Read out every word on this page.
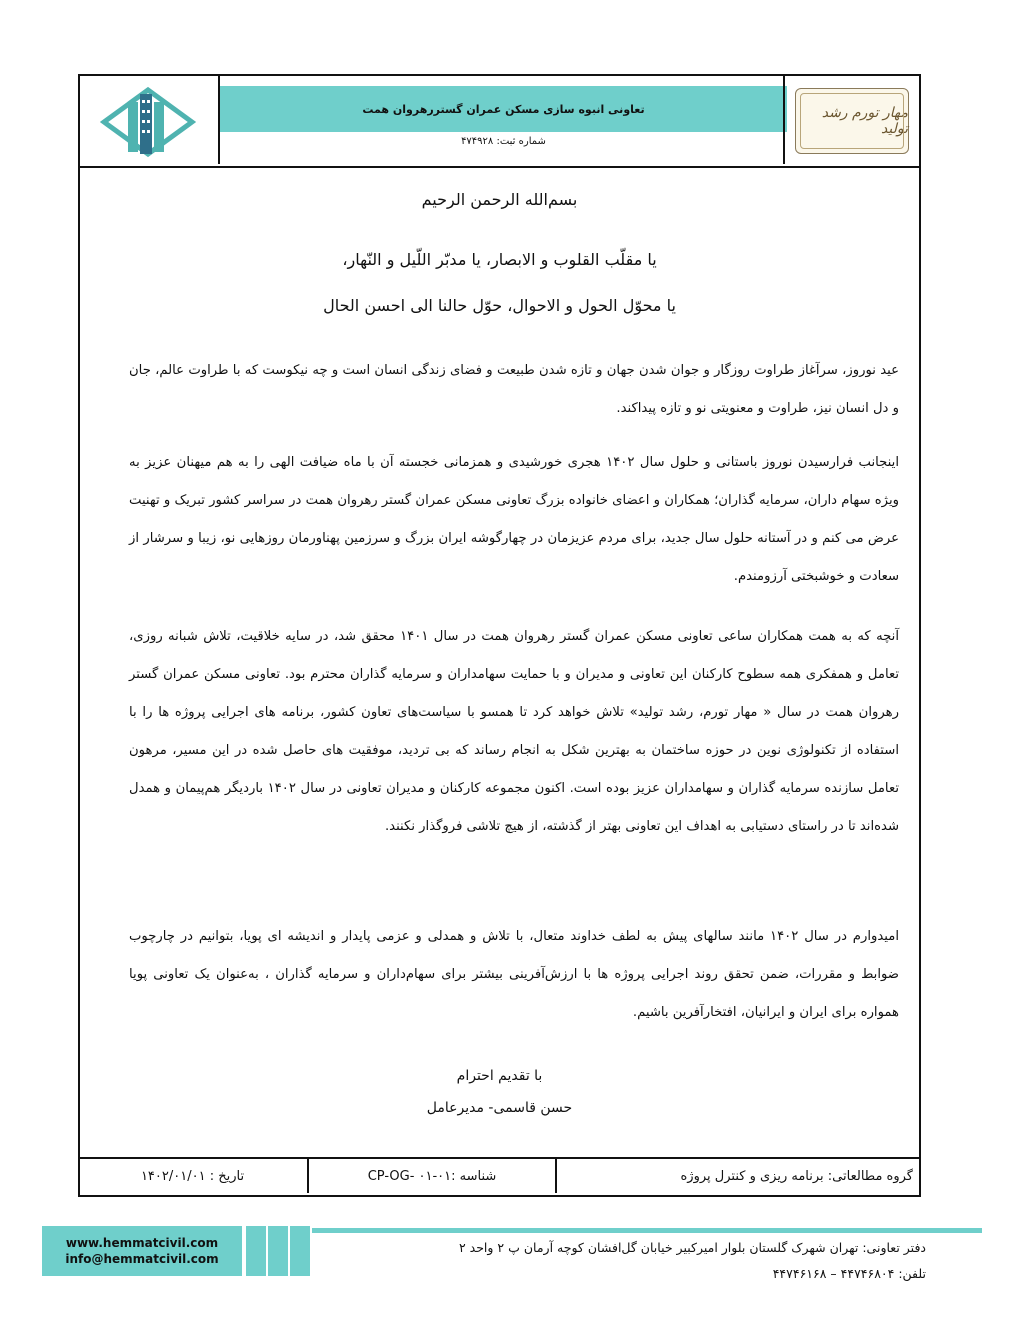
تعاونی انبوه سازی مسکن عمران گستررهروان همت
شماره ثبت: ۴۷۴۹۲۸
مهار تورم رشد تولید
بسم‌الله الرحمن الرحیم
یا مقلّب القلوب و الابصار، یا مدبّر اللّیل و النّهار،
یا محوّل الحول و الاحوال، حوّل حالنا الی احسن الحال
عید نوروز، سرآغاز طراوت روزگار و جوان شدن جهان و تازه شدن طبیعت و فضای زندگی انسان است و چه نیکوست که با طراوت عالم، جان و دل انسان نیز، طراوت و معنویتی نو و تازه پیداکند.
اینجانب فرارسیدن نوروز باستانی و حلول سال ۱۴۰۲ هجری خورشیدی و همزمانی خجسته آن با ماه ضیافت الهی را به هم میهنان عزیز به ویژه سهام داران، سرمایه گذاران؛ همکاران و اعضای خانواده بزرگ تعاونی مسکن عمران گستر رهروان همت در سراسر کشور تبریک و تهنیت عرض می کنم و در آستانه حلول سال جدید، برای مردم عزیزمان در چهارگوشه ایران بزرگ و سرزمین پهناورمان روزهایی نو، زیبا و سرشار از سعادت و خوشبختی آرزومندم.
آنچه که به همت همکاران ساعی تعاونی مسکن عمران گستر رهروان همت در سال ۱۴۰۱ محقق شد، در سایه خلاقیت، تلاش شبانه روزی، تعامل و همفکری همه سطوح کارکنان این تعاونی و مدیران و با حمایت سهامداران و سرمایه گذاران محترم بود. تعاونی مسکن عمران گستر رهروان همت در سال « مهار تورم، رشد تولید» تلاش خواهد کرد تا همسو با سیاست‌های تعاون کشور، برنامه های اجرایی پروژه ها را با استفاده از تکنولوژی نوین در حوزه ساختمان به بهترین شکل به انجام رساند که بی تردید، موفقیت های حاصل شده در این مسیر، مرهون تعامل سازنده سرمایه گذاران و سهامداران عزیز بوده است. اکنون مجموعه کارکنان و مدیران تعاونی در سال ۱۴۰۲ باردیگر هم‌پیمان و همدل شده‌اند تا در راستای دستیابی به اهداف این تعاونی بهتر از گذشته، از هیچ تلاشی فروگذار نکنند.
امیدوارم در سال ۱۴۰۲ مانند سالهای پیش به لطف خداوند متعال، با تلاش و همدلی و عزمی پایدار و اندیشه ای پویا، بتوانیم در چارچوب ضوابط و مقررات، ضمن تحقق روند اجرایی پروژه ها با ارزش‌آفرینی بیشتر برای سهام‌داران و سرمایه گذاران ، به‌عنوان یک تعاونی پویا همواره برای ایران و ایرانیان، افتخارآفرین باشیم.
با تقدیم احترام
حسن قاسمی- مدیرعامل
گروه مطالعاتی: برنامه ریزی و کنترل پروژه
شناسه :CP-OG- ۰۱-۰۱
تاریخ : ۱۴۰۲/۰۱/۰۱
www.hemmatcivil.com
info@hemmatcivil.com
دفتر تعاونی: تهران شهرک گلستان بلوار امیرکبیر خیابان گل‌افشان کوچه آرمان پ ۲ واحد ۲
تلفن: ۴۴۷۴۶۸۰۴ – ۴۴۷۴۶۱۶۸
